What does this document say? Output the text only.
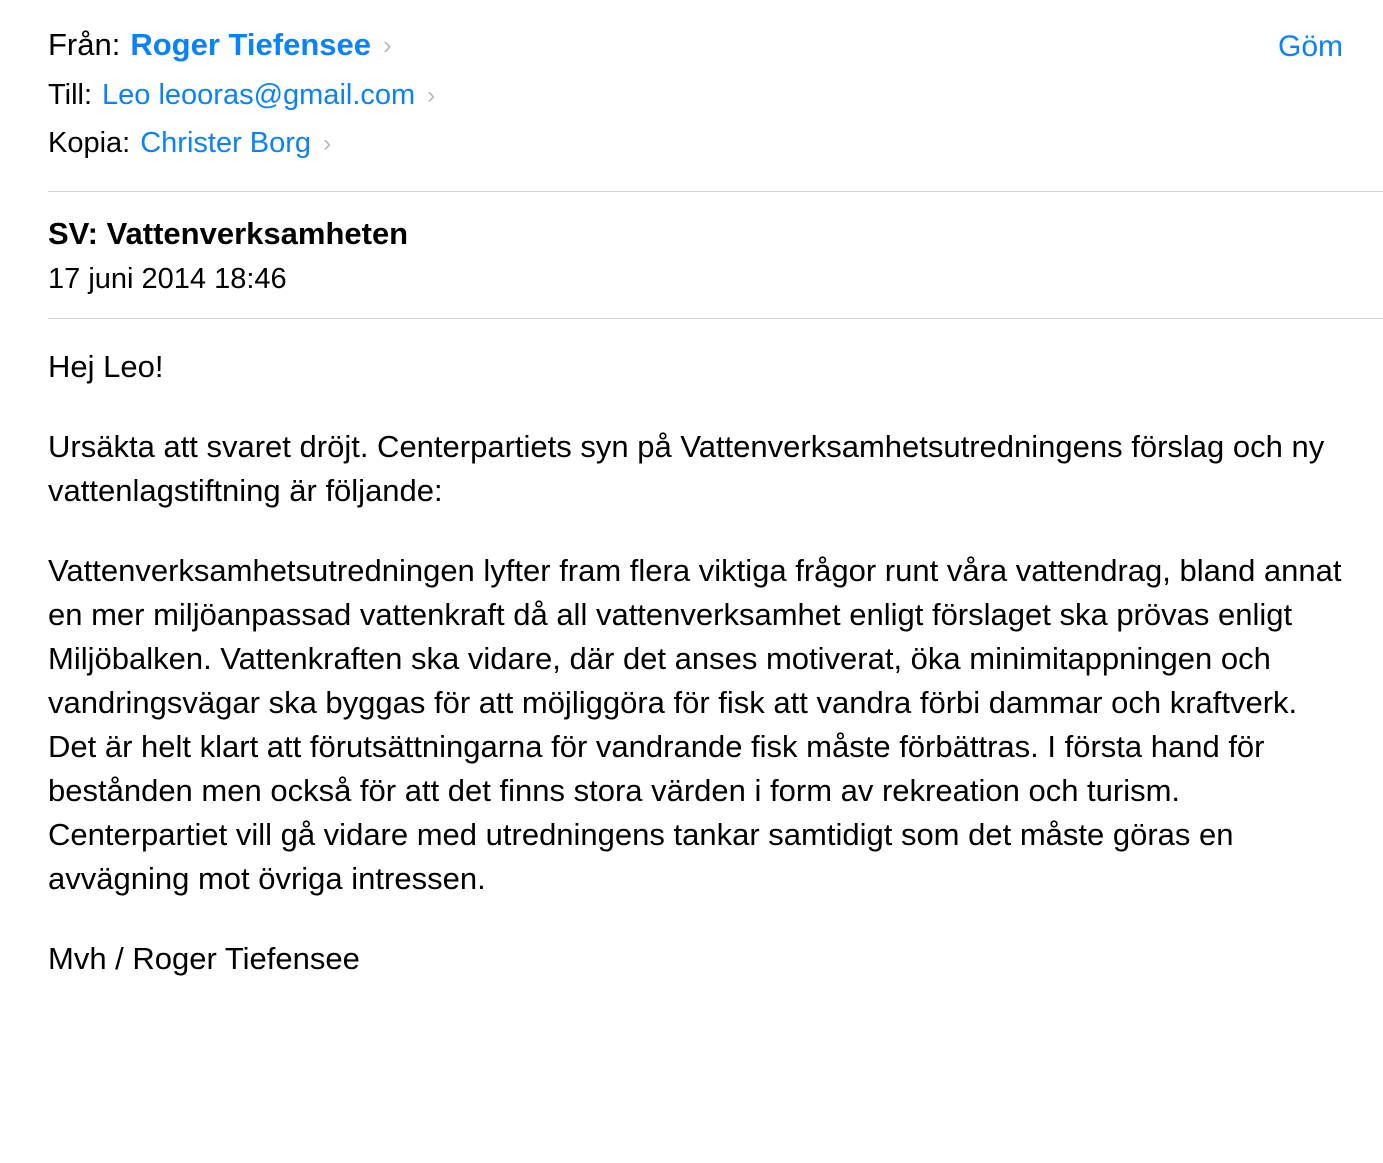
Från: Roger Tiefensee ›
Till: Leo leooras@gmail.com ›
Kopia: Christer Borg ›
Göm
SV: Vattenverksamheten
17 juni 2014 18:46

Hej Leo!

Ursäkta att svaret dröjt. Centerpartiets syn på Vattenverksamhetsutredningens förslag och ny vattenlagstiftning är följande:

Vattenverksamhetsutredningen lyfter fram flera viktiga frågor runt våra vattendrag, bland annat en mer miljöanpassad vattenkraft då all vattenverksamhet enligt förslaget ska prövas enligt Miljöbalken. Vattenkraften ska vidare, där det anses motiverat, öka minimitappningen och vandringsvägar ska byggas för att möjliggöra för fisk att vandra förbi dammar och kraftverk. Det är helt klart att förutsättningarna för vandrande fisk måste förbättras. I första hand för bestånden men också för att det finns stora värden i form av rekreation och turism. Centerpartiet vill gå vidare med utredningens tankar samtidigt som det måste göras en avvägning mot övriga intressen.

Mvh / Roger Tiefensee
